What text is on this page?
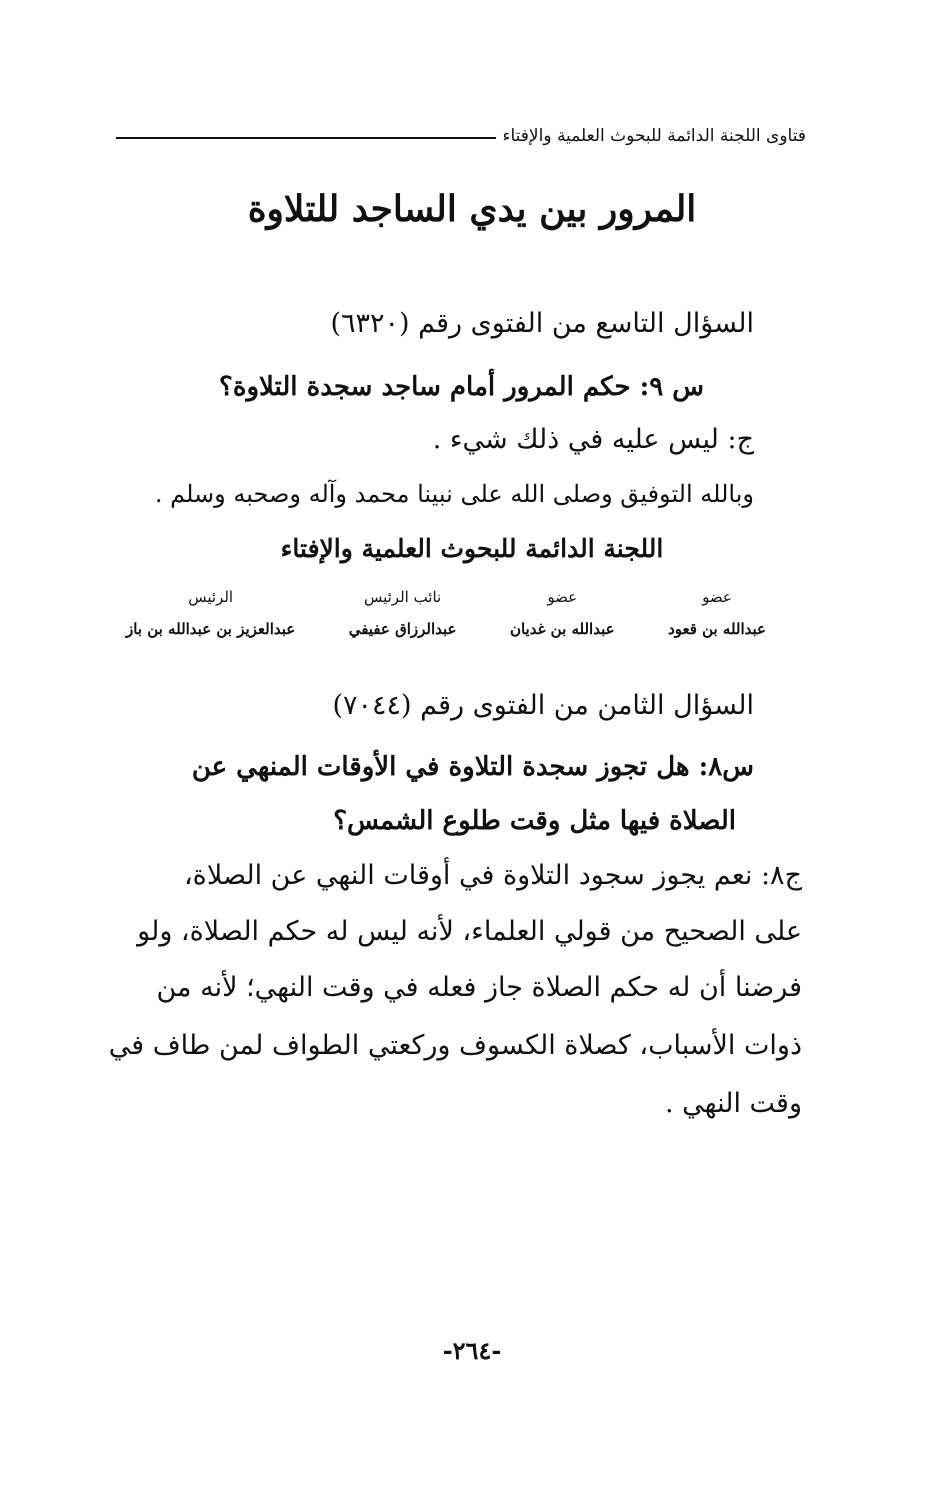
فتاوى اللجنة الدائمة للبحوث العلمية والإفتاء
المرور بين يدي الساجد للتلاوة
السؤال التاسع من الفتوى رقم (٦٣٢٠)
س ٩: حكم المرور أمام ساجد سجدة التلاوة؟
ج: ليس عليه في ذلك شيء .
وبالله التوفيق وصلى الله على نبينا محمد وآله وصحبه وسلم .
اللجنة الدائمة للبحوث العلمية والإفتاء
عضو
عبدالله بن قعود
عضو
عبدالله بن غديان
نائب الرئيس
عبدالرزاق عفيفي
الرئيس
عبدالعزيز بن عبدالله بن باز
السؤال الثامن من الفتوى رقم (٧٠٤٤)
س٨: هل تجوز سجدة التلاوة في الأوقات المنهي عن
الصلاة فيها مثل وقت طلوع الشمس؟
ج٨: نعم يجوز سجود التلاوة في أوقات النهي عن الصلاة،
على الصحيح من قولي العلماء، لأنه ليس له حكم الصلاة، ولو
فرضنا أن له حكم الصلاة جاز فعله في وقت النهي؛ لأنه من
ذوات الأسباب، كصلاة الكسوف وركعتي الطواف لمن طاف في
وقت النهي .
-٢٦٤-
